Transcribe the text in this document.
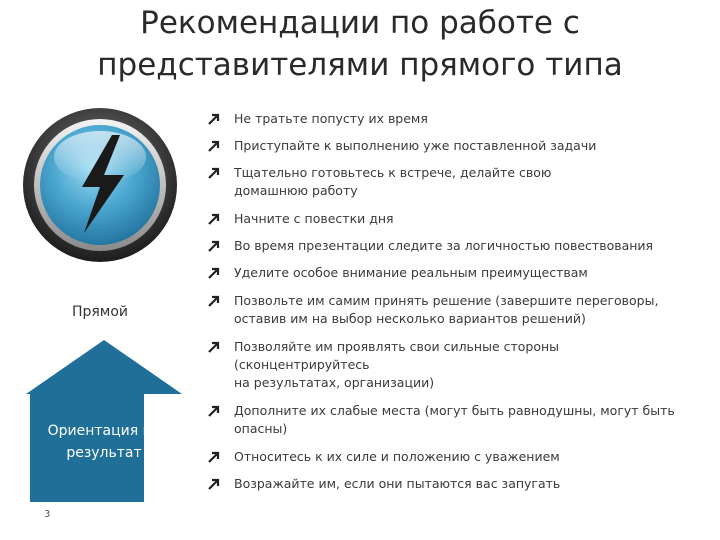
Рекомендации по работе с
представителями прямого типа
Прямой
Ориентация на
результат
3
Не тратьте попусту их время
Приступайте к выполнению уже поставленной задачи
Тщательно готовьтесь к встрече, делайте свою
домашнюю работу
Начните с повестки дня
Во время презентации следите за логичностью повествования
Уделите особое внимание реальным преимуществам
Позвольте им самим принять решение (завершите переговоры,
оставив им на выбор несколько вариантов решений)
Позволяйте им проявлять свои сильные стороны
(сконцентрируйтесь
на результатах, организации)
Дополните их слабые места (могут быть равнодушны, могут быть
опасны)
Относитесь к их силе и положению с уважением
Возражайте им, если они пытаются вас запугать
